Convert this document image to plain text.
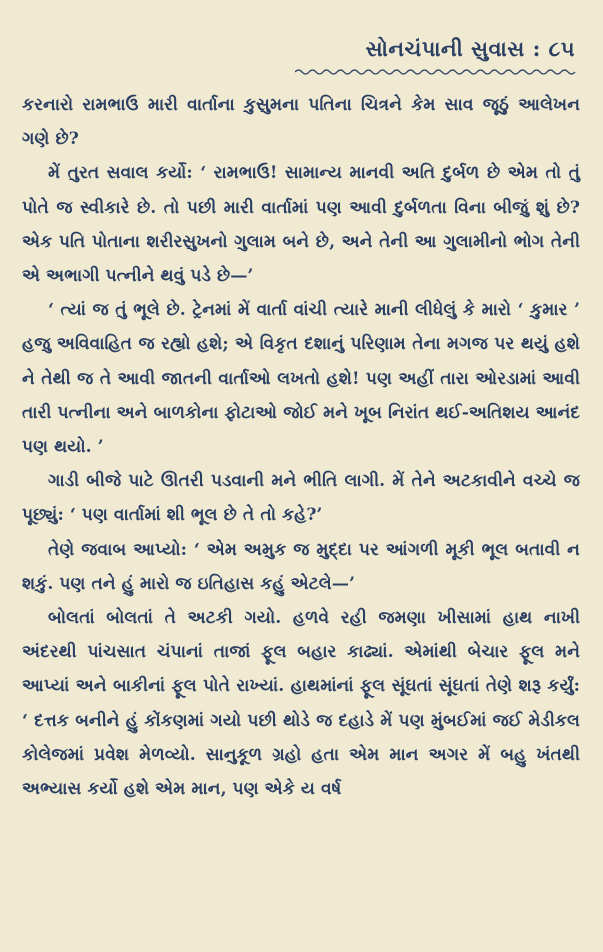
સોનચંપાની સુવાસ : ૮૫

કરનારો રામભાઉ મારી વાર્તાના કુસુમના પતિના ચિત્રને કેમ સાવ જૂઠું આલેખન ગણે છે?

મેં તુરત સવાલ કર્યો: ‘ રામભાઉ! સામાન્ય માનવી અતિ દુર્બળ છે એમ તો તું પોતે જ સ્વીકારે છે. તો પછી મારી વાર્તામાં પણ આવી દુર્બળતા વિના બીજું શું છે? એક પતિ પોતાના શરીરસુખનો ગુલામ બને છે, અને તેની આ ગુલામીનો ભોગ તેની એ અભાગી પત્નીને થવું પડે છે—’

‘ ત્યાં જ તું ભૂલે છે. ટ્રેનમાં મેં વાર્તા વાંચી ત્યારે માની લીધેલું કે મારો ‘ કુમાર ’ હજુ અવિવાહિત જ રહ્યો હશે; એ વિકૃત દશાનું પરિણામ તેના મગજ પર થયું હશે ને તેથી જ તે આવી જાતની વાર્તાઓ લખતો હશે! પણ અહીં તારા ઓરડામાં આવી તારી પત્નીના અને બાળકોના ફોટાઓ જોઈ મને ખૂબ નિરાંત થઈ-અતિશય આનંદ પણ થયો. ’

ગાડી બીજે પાટે ઊતરી પડવાની મને ભીતિ લાગી. મેં તેને અટકાવીને વચ્ચે જ પૂછ્યું: ‘ પણ વાર્તામાં શી ભૂલ છે તે તો કહે?’

તેણે જવાબ આપ્યો: ‘ એમ અમુક જ મુદ્દા પર આંગળી મૂકી ભૂલ બતાવી ન શકું. પણ તને હું મારો જ ઇતિહાસ કહું એટલે—’

બોલતાં બોલતાં તે અટકી ગયો. હળવે રહી જમણા ખીસામાં હાથ નાખી અંદરથી પાંચસાત ચંપાનાં તાજાં ફૂલ બહાર કાઢ્યાં. એમાંથી બેચાર ફૂલ મને આપ્યાં અને બાકીનાં ફૂલ પોતે રાખ્યાં. હાથમાંનાં ફૂલ સૂંઘતાં સૂંઘતાં તેણે શરૂ કર્યું: ‘ દત્તક બનીને હું કોંકણમાં ગયો પછી થોડે જ દહાડે મેં પણ મુંબઈમાં જઈ મેડીકલ કોલેજમાં પ્રવેશ મેળવ્યો. સાનુકૂળ ગ્રહો હતા એમ માન અગર મેં બહુ ખંતથી અભ્યાસ કર્યો હશે એમ માન, પણ એકે ય વર્ષ
